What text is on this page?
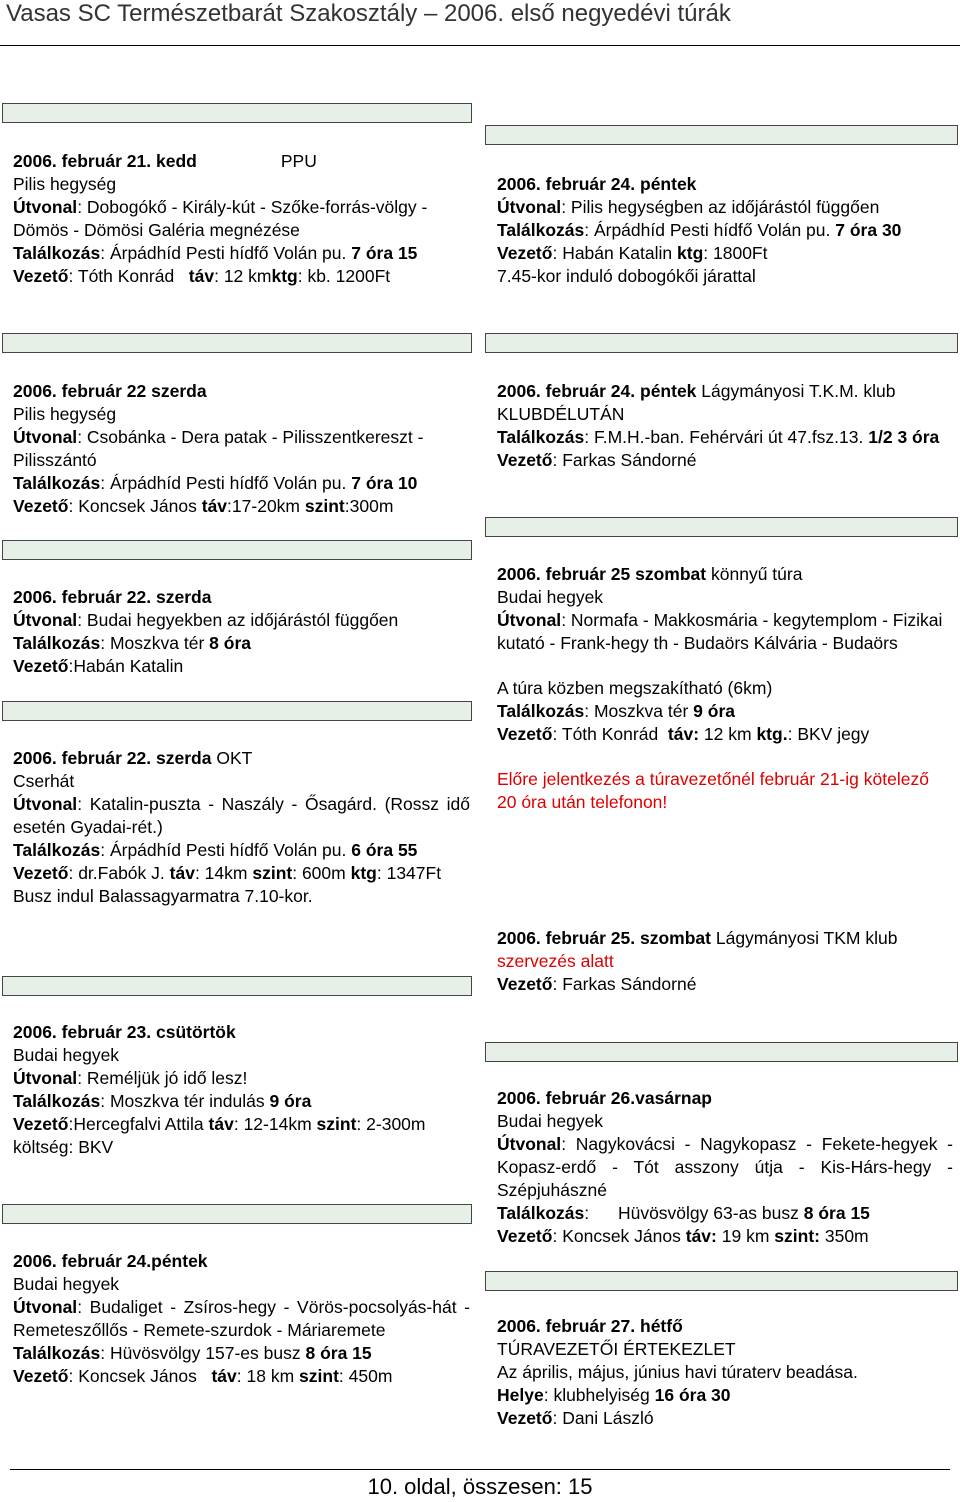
Vasas SC Természetbarát Szakosztály – 2006. első negyedévi túrák

2006. február 21. kedd	PPU

Pilis hegység

Útvonal: Dobogókő - Király-kút - Szőke-forrás-völgy - Dömös - Dömösi Galéria megnézése

Találkozás: Árpádhíd Pesti hídfő Volán pu. 7 óra 15

Vezető: Tóth Konrád táv: 12 kmktg: kb. 1200Ft

2006. február 22 szerda

Pilis hegység

Útvonal: Csobánka - Dera patak - Pilisszentkereszt - Pilisszántó

Találkozás: Árpádhíd Pesti hídfő Volán pu. 7 óra 10

Vezető: Koncsek János táv:17-20km szint:300m

2006. február 22. szerda

Útvonal: Budai hegyekben az időjárástól függően

Találkozás: Moszkva tér 8 óra

Vezető:Habán Katalin

2006. február 22. szerda OKT

Cserhát

Útvonal: Katalin-puszta - Naszály - Ősagárd. (Rossz idő esetén Gyadai-rét.)

Találkozás: Árpádhíd Pesti hídfő Volán pu. 6 óra 55

Vezető: dr.Fabók J. táv: 14km szint: 600m ktg: 1347Ft

Busz indul Balassagyarmatra 7.10-kor.

2006. február 23. csütörtök

Budai hegyek

Útvonal: Reméljük jó idő lesz!

Találkozás: Moszkva tér indulás 9 óra

Vezető:Hercegfalvi Attila táv: 12-14km szint: 2-300m

költség: BKV

2006. február 24.péntek

Budai hegyek

Útvonal: Budaliget - Zsíros-hegy - Vörös-pocsolyás-hát - Remeteszőllős - Remete-szurdok - Máriaremete

Találkozás: Hüvösvölgy 157-es busz 8 óra 15

Vezető: Koncsek János táv: 18 km szint: 450m

2006. február 24. péntek

Útvonal: Pilis hegységben az időjárástól függően

Találkozás: Árpádhíd Pesti hídfő Volán pu. 7 óra 30

Vezető: Habán Katalin ktg: 1800Ft

7.45-kor induló dobogókői járattal

2006. február 24. péntek Lágymányosi T.K.M. klub

KLUBDÉLUTÁN

Találkozás: F.M.H.-ban. Fehérvári út 47.fsz.13. 1/2 3 óra

Vezető: Farkas Sándorné

2006. február 25 szombat könnyű túra

Budai hegyek

Útvonal: Normafa - Makkosmária - kegytemplom - Fizikai kutató - Frank-hegy th - Budaörs Kálvária - Budaörs

A túra közben megszakítható (6km)

Találkozás: Moszkva tér 9 óra

Vezető: Tóth Konrád táv: 12 km ktg.: BKV jegy

Előre jelentkezés a túravezetőnél február 21-ig kötelező

20 óra után telefonon!

2006. február 25. szombat Lágymányosi TKM klub

szervezés alatt

Vezető: Farkas Sándorné

2006. február 26.vasárnap

Budai hegyek

Útvonal: Nagykovácsi - Nagykopasz - Fekete-hegyek - Kopasz-erdő - Tót asszony útja - Kis-Hárs-hegy - Szépjuhászné

Találkozás: Hüvösvölgy 63-as busz 8 óra 15

Vezető: Koncsek János táv: 19 km szint: 350m

2006. február 27. hétfő

TÚRAVEZETŐI ÉRTEKEZLET

Az április, május, június havi túraterv beadása.

Helye: klubhelyiség 16 óra 30

Vezető: Dani László

10. oldal, összesen: 15
